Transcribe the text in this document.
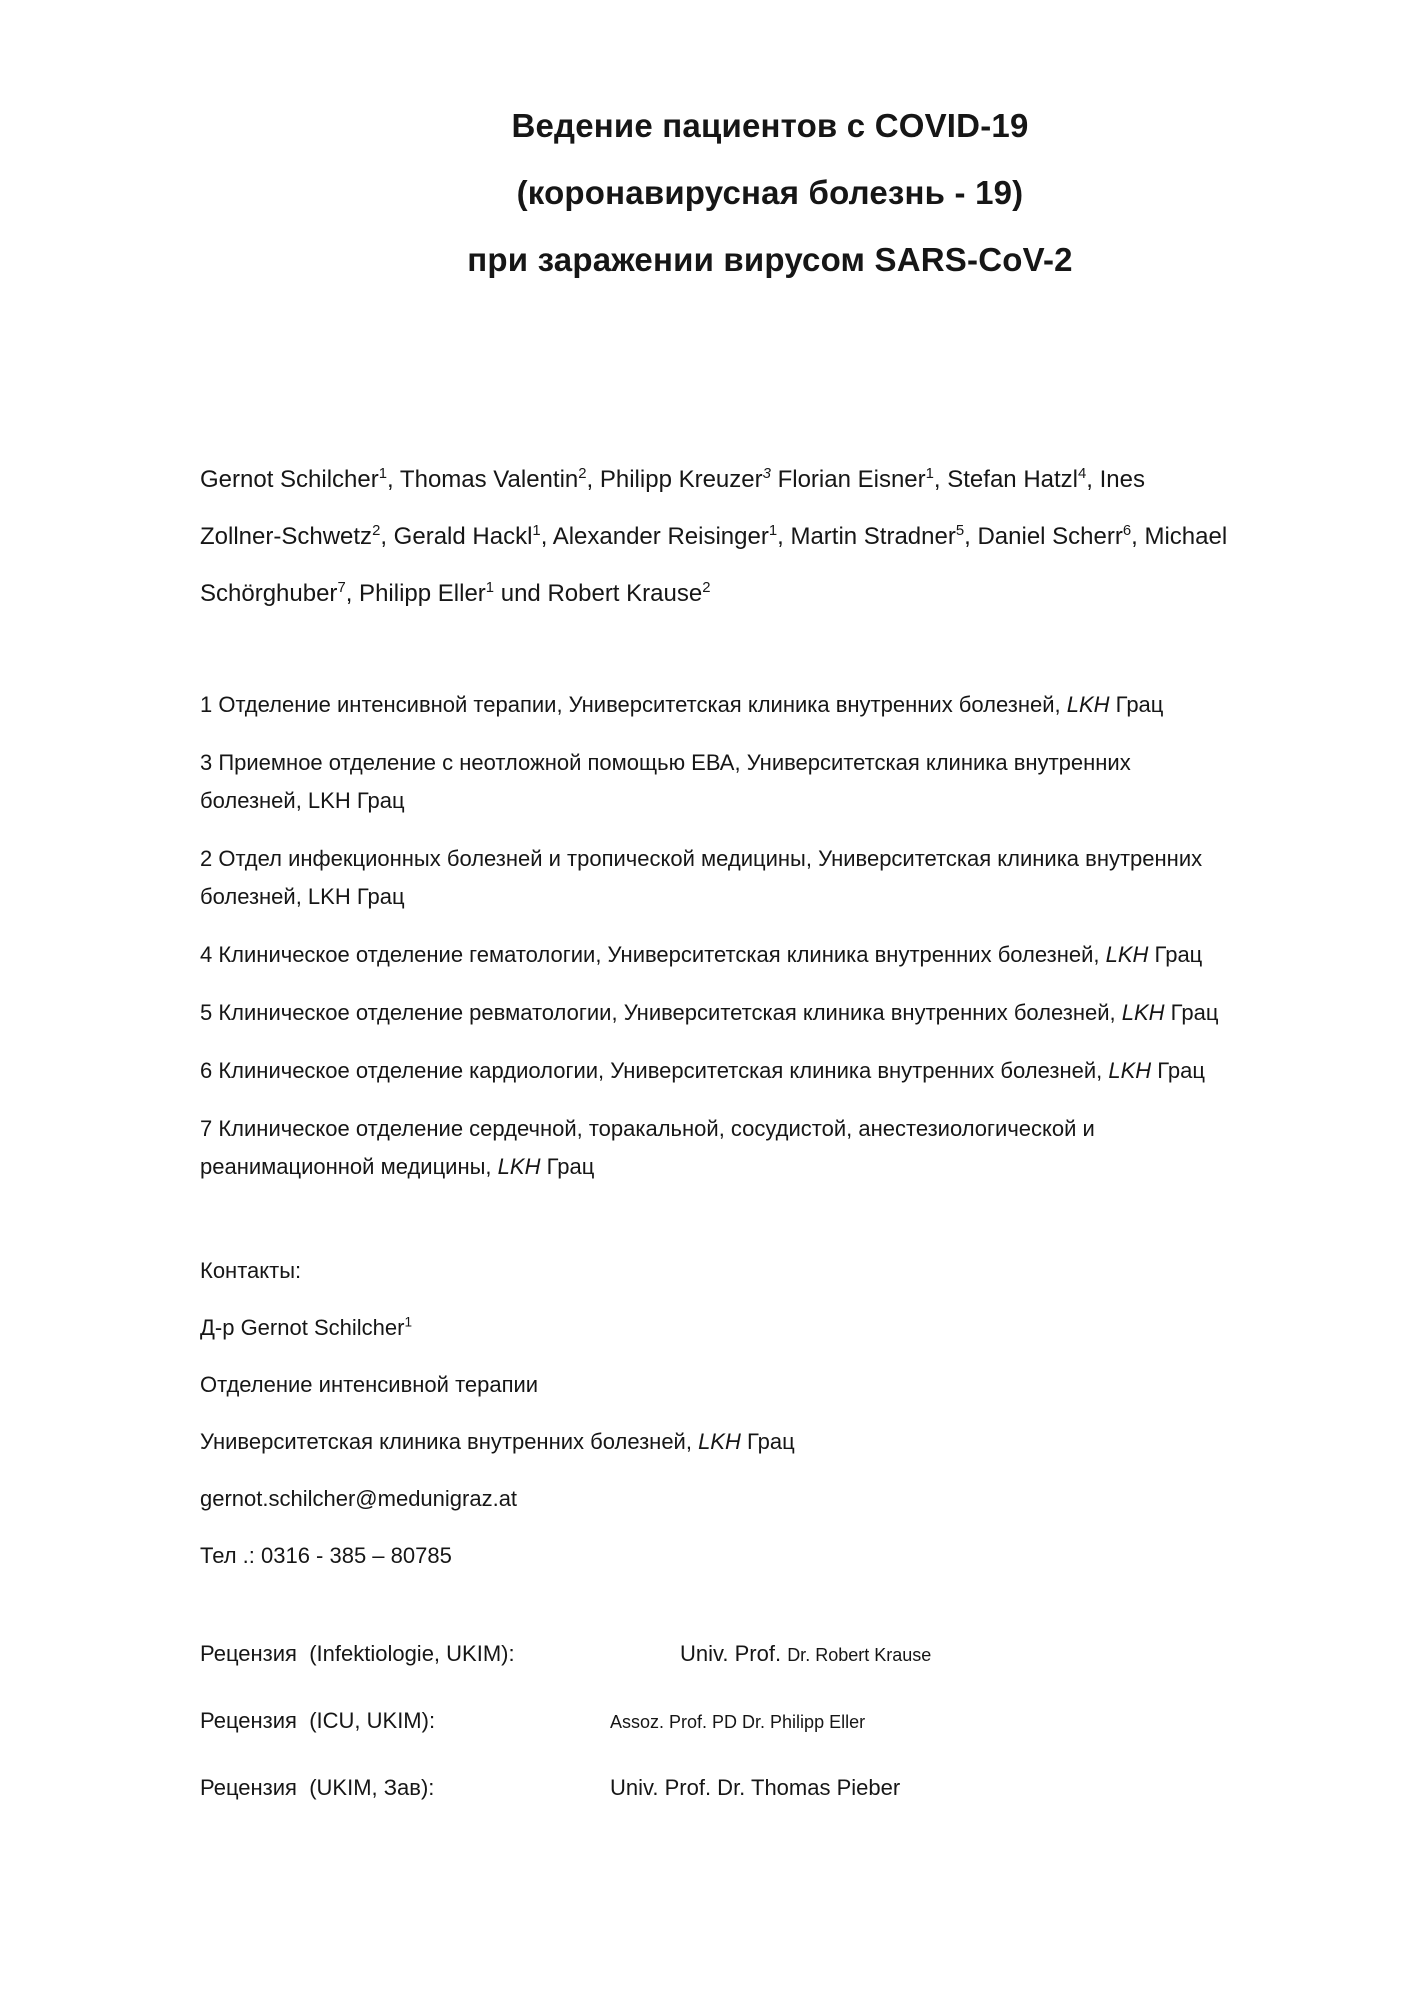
Ведение пациентов с COVID-19
(коронавирусная болезнь - 19)
при заражении вирусом SARS-CoV-2
Gernot Schilcher$^1$, Thomas Valentin$^2$, Philipp Kreuzer$^3$ Florian Eisner$^1$, Stefan Hatzl$^4$, Ines
Zollner-Schwetz$^2$, Gerald Hackl$^1$, Alexander Reisinger$^1$, Martin Stradner$^5$, Daniel Scherr$^6$, Michael
Schörghuber$^7$, Philipp Eller$^1$ und Robert Krause$^2$
1 Отделение интенсивной терапии, Университетская клиника внутренних болезней, LKH Грац
3 Приемное отделение с неотложной помощью ЕВА, Университетская клиника внутренних
болезней, LKH Грац
2 Отдел инфекционных болезней и тропической медицины, Университетская клиника внутренних
болезней, LKH Грац
4 Клиническое отделение гематологии, Университетская клиника внутренних болезней, LKH Грац
5 Клиническое отделение ревматологии, Университетская клиника внутренних болезней, LKH Грац
6 Клиническое отделение кардиологии, Университетская клиника внутренних болезней, LKH Грац
7 Клиническое отделение сердечной, торакальной, сосудистой, анестезиологической и
реанимационной медицины, LKH Грац
Контакты:
Д-р Gernot Schilcher$^1$
Отделение интенсивной терапии
Университетская клиника внутренних болезней, LKH Грац
gernot.schilcher@medunigraz.at
Тел .: 0316 - 385 – 80785
Рецензия  (Infektiologie, UKIM):	Univ. Prof. Dr. Robert Krause
Рецензия  (ICU, UKIM):	Assoz. Prof. PD Dr. Philipp Eller
Рецензия  (UKIM, Зав):	Univ. Prof. Dr. Thomas Pieber
